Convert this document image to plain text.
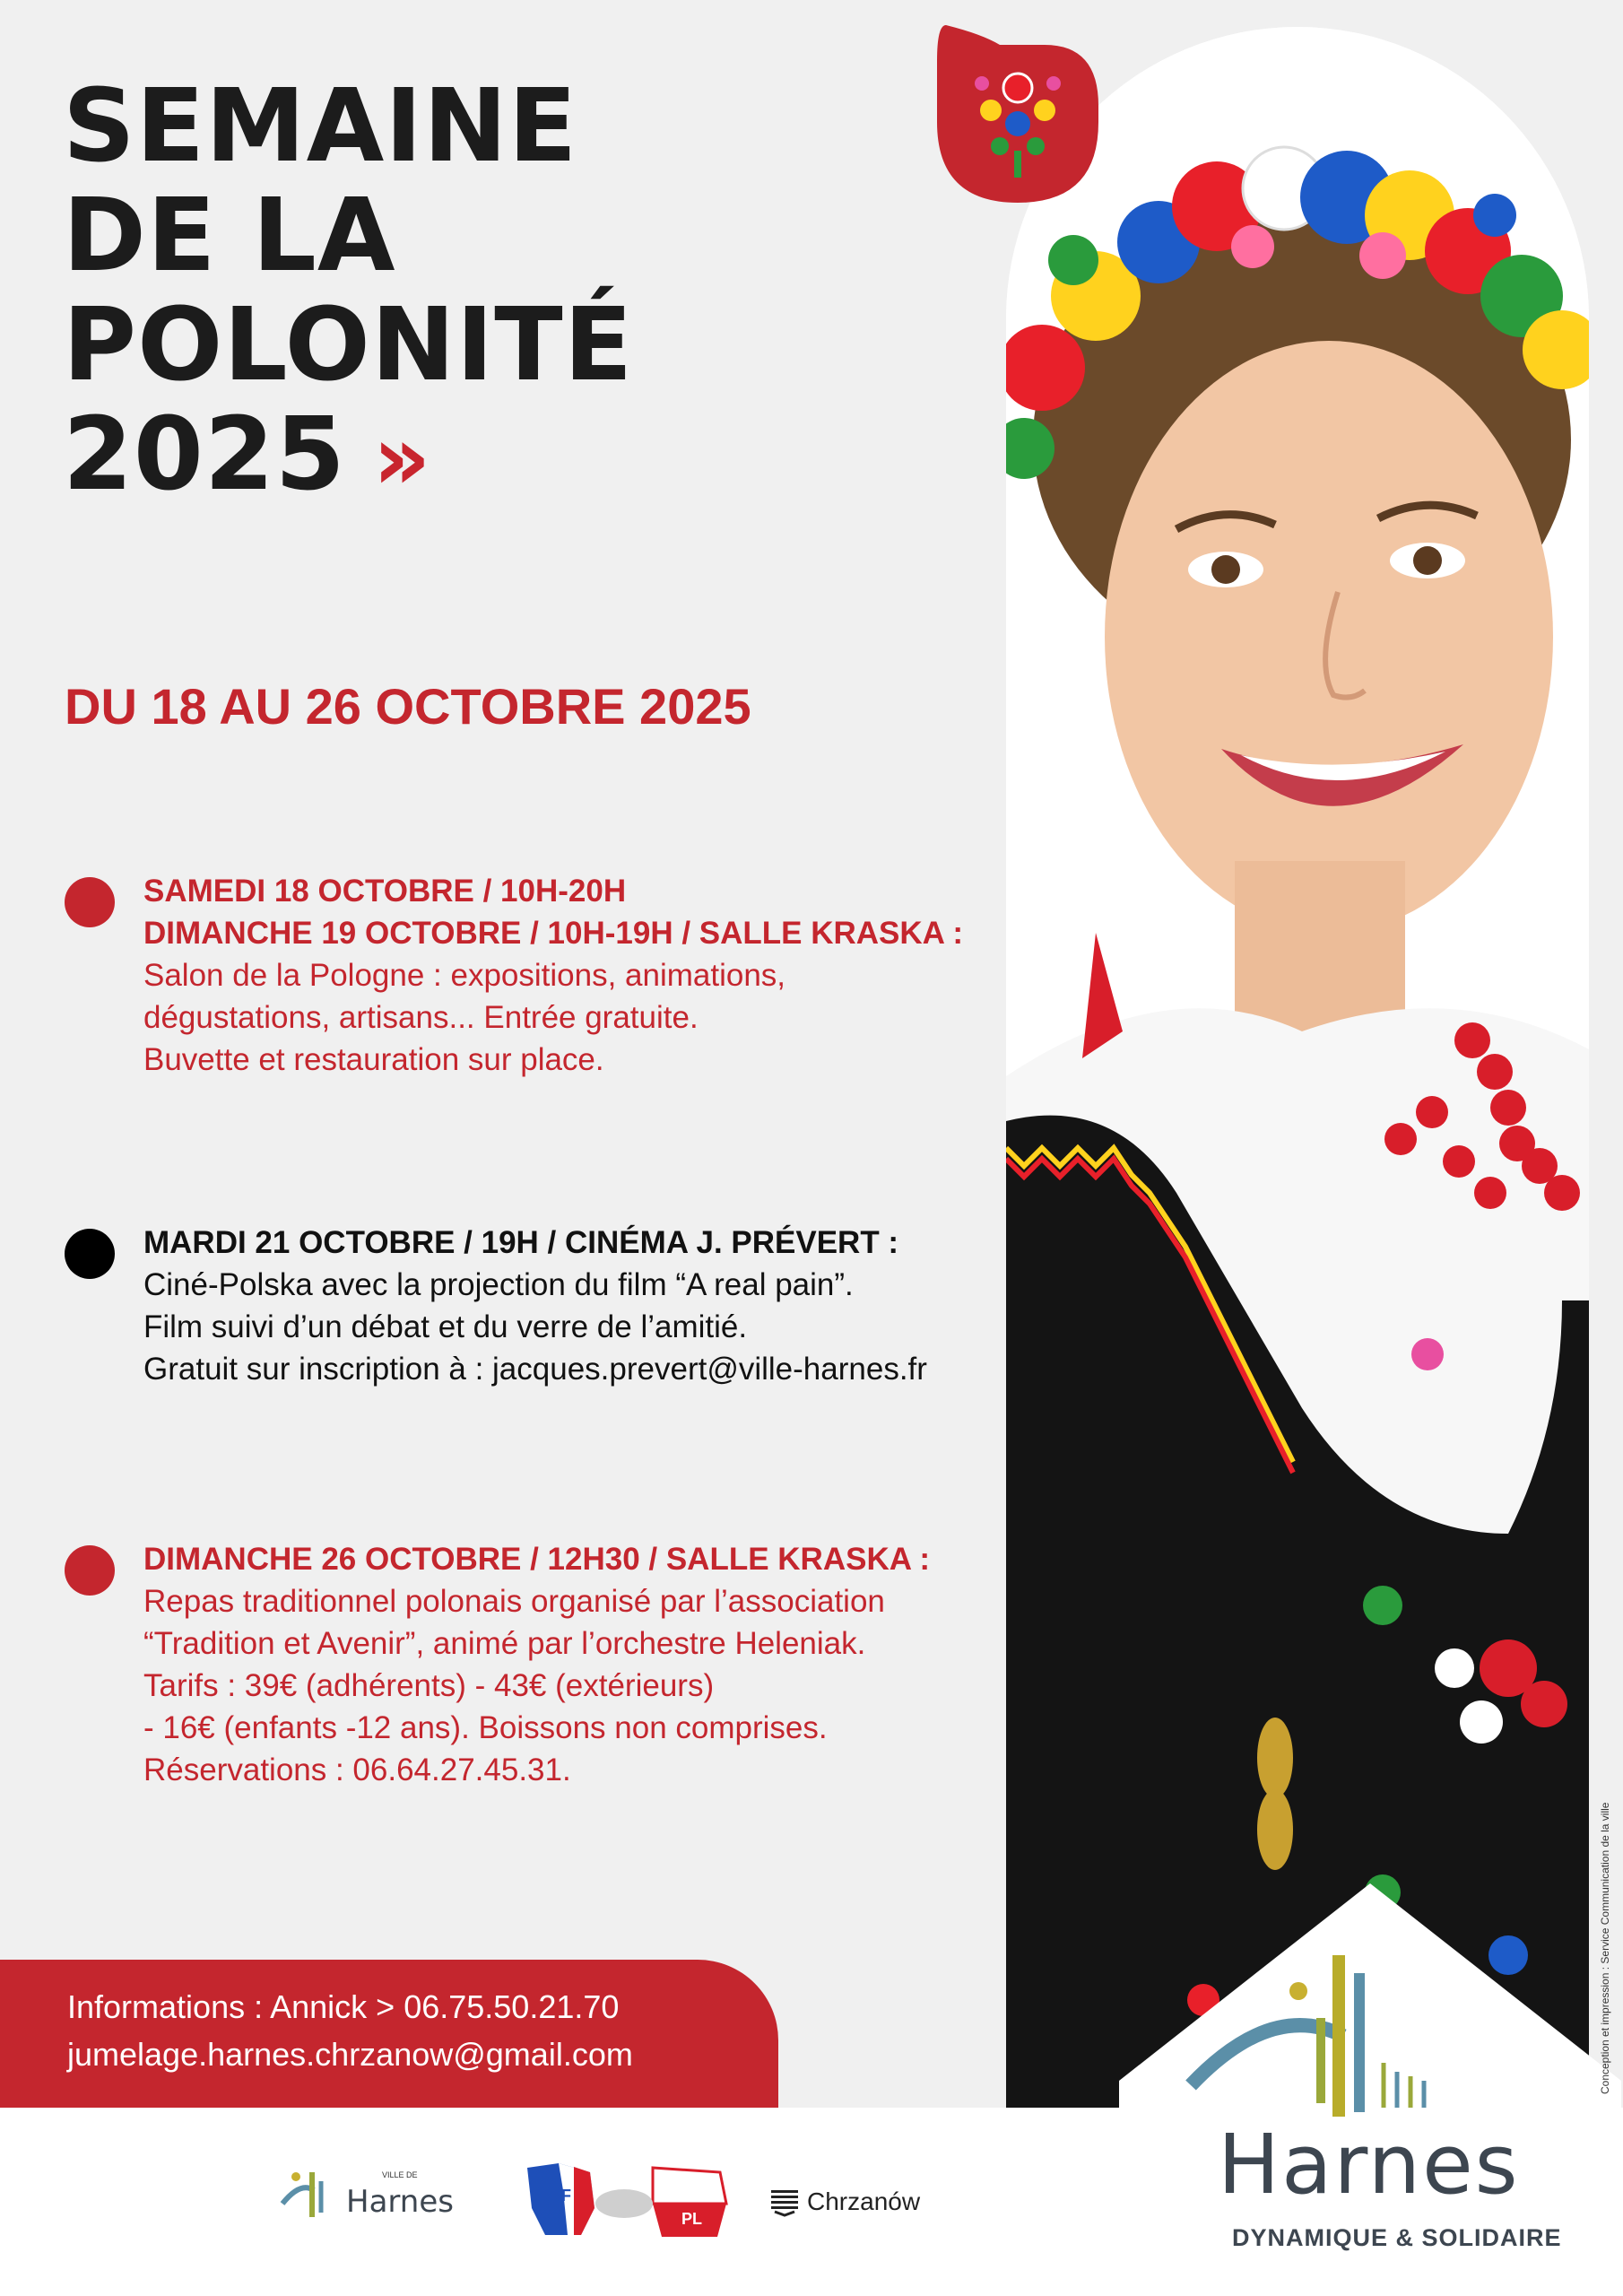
SEMAINE
DE LA
POLONITÉ
2025 »
DU 18 AU 26 OCTOBRE 2025
SAMEDI 18 OCTOBRE / 10H-20H
DIMANCHE 19 OCTOBRE / 10H-19H / SALLE KRASKA :
Salon de la Pologne : expositions, animations,
dégustations, artisans... Entrée gratuite.
Buvette et restauration sur place.
MARDI 21 OCTOBRE / 19H / CINÉMA J. PRÉVERT :
Ciné-Polska avec la projection du film “A real pain”.
Film suivi d’un débat et du verre de l’amitié.
Gratuit sur inscription à : jacques.prevert@ville-harnes.fr
DIMANCHE 26 OCTOBRE / 12H30 / SALLE KRASKA :
Repas traditionnel polonais organisé par l’association
“Tradition et Avenir”, animé par l’orchestre Heleniak.
Tarifs : 39€ (adhérents) - 43€ (extérieurs)
- 16€ (enfants -12 ans). Boissons non comprises.
Réservations : 06.64.27.45.31.
Informations : Annick > 06.75.50.21.70
jumelage.harnes.chrzanow@gmail.com
VILLE DE
Harnes	F
PL
Chrzanów	Harnes
DYNAMIQUE & SOLIDAIRE
Conception et impression : Service Communication de la ville de Harnes
